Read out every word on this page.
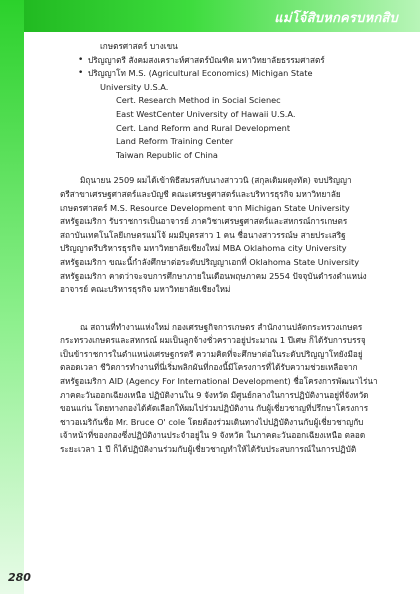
แม่โจ้สิบหกครบหกสิบ
เกษตรศาสตร์ บางเขน
• ปริญญาตรี สังคมสงเคราะห์ศาสตร์บัณฑิต มหาวิทยาลัยธรรมศาสตร์
• ปริญญาโท M.S. (Agricultural Economics) Michigan State
University U.S.A.
Cert. Research Method in Social Scienec
East WestCenter University of Hawaii U.S.A.
Cert. Land Reform and Rural Development
Land Reform Training Center
Taiwan Republic of China
มิถุนายน 2509 ผมได้เข้าพิธีสมรสกับนางสาววนิ (สกุลเดิมผดุงทัต) จบปริญญา
ตรีสาขาเศรษฐศาสตร์และบัญชี คณะเศรษฐศาสตร์และบริหารธุรกิจ มหาวิทยาลัย
เกษตรศาสตร์ M.S. Resource Development จาก Michigan State University
สหรัฐอเมริกา รับราชการเป็นอาจารย์ ภาควิชาเศรษฐศาสตร์และสหกรณ์การเกษตร
สถาบันเทคโนโลยีเกษตรแม่โจ้ ผมมีบุตรสาว 1 คน ชื่อนางสาวรรณ์ษ สายประเสริฐ
ปริญญาตรีบริหารธุรกิจ มหาวิทยาลัยเชียงใหม่ MBA Oklahoma city University
สหรัฐอเมริกา ขณะนี้กำลังศึกษาต่อระดับปริญญาเอกที่ Oklahoma State University
สหรัฐอเมริกา คาดว่าจะจบการศึกษาภายในเดือนพฤษภาคม 2554 ปัจจุบันดำรงตำแหน่ง
อาจารย์ คณะบริหารธุรกิจ มหาวิทยาลัยเชียงใหม่
ณ สถานที่ทำงานแห่งใหม่ กองเศรษฐกิจการเกษตร สำนักงานปลัดกระทรวงเกษตร
กระทรวงเกษตรและสหกรณ์ ผมเป็นลูกจ้างชั่วคราวอยู่ประมาณ 1 ปีเศษ ก็ได้รับการบรรจุ
เป็นข้าราชการในตำแหน่งเศรษฐกรตรี ความคิดที่จะศึกษาต่อในระดับปริญญาโทยังมีอยู่
ตลอดเวลา ชีวิตการทำงานที่นี่เริ่มพลิกผันที่กองนี้มีโครงการที่ได้รับความช่วยเหลือจาก
สหรัฐอเมริกา AID (Agency For International Development) ชื่อโครงการพัฒนาไร่นา
ภาคตะวันออกเฉียงเหนือ ปฏิบัติงานใน 9 จังหวัด มีศูนย์กลางในการปฏิบัติงานอยู่ที่จังหวัด
ขอนแก่น โดยทางกองได้คัดเลือกให้ผมไปร่วมปฏิบัติงาน กับผู้เชี่ยวชาญที่ปรึกษาโครงการ
ชาวอเมริกันชื่อ Mr. Bruce O' cole โดยต้องร่วมเดินทางไปปฏิบัติงานกับผู้เชี่ยวชาญกับ
เจ้าหน้าที่ของกองซึ่งปฏิบัติงานประจำอยู่ใน 9 จังหวัด ในภาคตะวันออกเฉียงเหนือ ตลอด
ระยะเวลา 1 ปี ก็ได้ปฏิบัติงานร่วมกับผู้เชี่ยวชาญทำให้ได้รับประสบการณ์ในการปฏิบัติ
280
